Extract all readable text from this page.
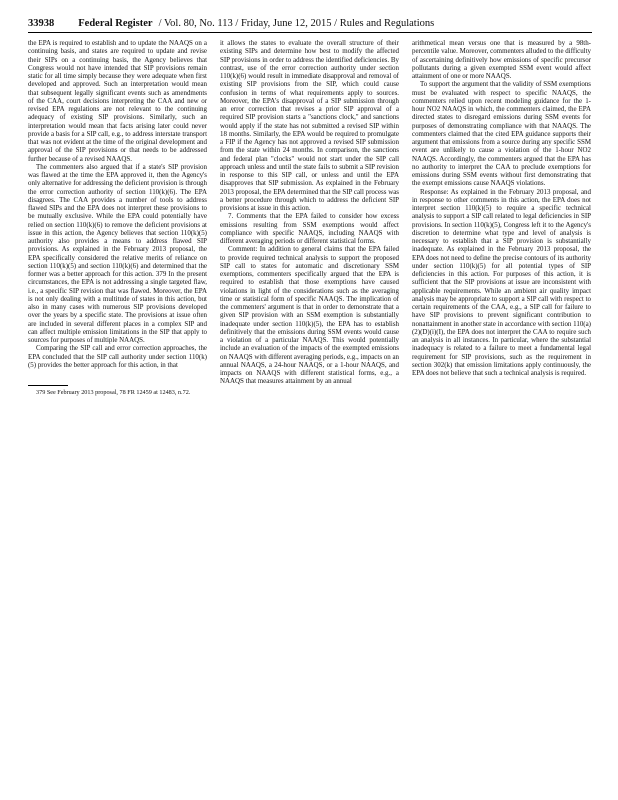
33938 Federal Register / Vol. 80, No. 113 / Friday, June 12, 2015 / Rules and Regulations

the EPA is required to establish and to update the NAAQS on a continuing basis, and states are required to update and revise their SIPs on a continuing basis, the Agency believes that Congress would not have intended that SIP provisions remain static for all time simply because they were adequate when first developed and approved. Such an interpretation would mean that subsequent legally significant events such as amendments of the CAA, court decisions interpreting the CAA and new or revised EPA regulations are not relevant to the continuing adequacy of existing SIP provisions. Similarly, such an interpretation would mean that facts arising later could never provide a basis for a SIP call, e.g., to address interstate transport that was not evident at the time of the original development and approval of the SIP provisions or that needs to be addressed further because of a revised NAAQS.

The commenters also argued that if a state's SIP provision was flawed at the time the EPA approved it, then the Agency's only alternative for addressing the deficient provision is through the error correction authority of section 110(k)(6). The EPA disagrees. The CAA provides a number of tools to address flawed SIPs and the EPA does not interpret these provisions to be mutually exclusive. While the EPA could potentially have relied on section 110(k)(6) to remove the deficient provisions at issue in this action, the Agency believes that section 110(k)(5) authority also provides a means to address flawed SIP provisions. As explained in the February 2013 proposal, the EPA specifically considered the relative merits of reliance on section 110(k)(5) and section 110(k)(6) and determined that the former was a better approach for this action. 379 In the present circumstances, the EPA is not addressing a single targeted flaw, i.e., a specific SIP revision that was flawed. Moreover, the EPA is not only dealing with a multitude of states in this action, but also in many cases with numerous SIP provisions developed over the years by a specific state. The provisions at issue often are included in several different places in a complex SIP and can affect multiple emission limitations in the SIP that apply to sources for purposes of multiple NAAQS.

Comparing the SIP call and error correction approaches, the EPA concluded that the SIP call authority under section 110(k)(5) provides the better approach for this action, in that

379 See February 2013 proposal, 78 FR 12459 at 12483, n.72.

it allows the states to evaluate the overall structure of their existing SIPs and determine how best to modify the affected SIP provisions in order to address the identified deficiencies. By contrast, use of the error correction authority under section 110(k)(6) would result in immediate disapproval and removal of existing SIP provisions from the SIP, which could cause confusion in terms of what requirements apply to sources. Moreover, the EPA's disapproval of a SIP submission through an error correction that revises a prior SIP approval of a required SIP provision starts a "sanctions clock," and sanctions would apply if the state has not submitted a revised SIP within 18 months. Similarly, the EPA would be required to promulgate a FIP if the Agency has not approved a revised SIP submission from the state within 24 months. In comparison, the sanctions and federal plan "clocks" would not start under the SIP call approach unless and until the state fails to submit a SIP revision in response to this SIP call, or unless and until the EPA disapproves that SIP submission. As explained in the February 2013 proposal, the EPA determined that the SIP call process was a better procedure through which to address the deficient SIP provisions at issue in this action.

7. Comments that the EPA failed to consider how excess emissions resulting from SSM exemptions would affect compliance with specific NAAQS, including NAAQS with different averaging periods or different statistical forms.

Comment: In addition to general claims that the EPA failed to provide required technical analysis to support the proposed SIP call to states for automatic and discretionary SSM exemptions, commenters specifically argued that the EPA is required to establish that those exemptions have caused violations in light of the considerations such as the averaging time or statistical form of specific NAAQS. The implication of the commenters' argument is that in order to demonstrate that a given SIP provision with an SSM exemption is substantially inadequate under section 110(k)(5), the EPA has to establish definitively that the emissions during SSM events would cause a violation of a particular NAAQS. This would potentially include an evaluation of the impacts of the exempted emissions on NAAQS with different averaging periods, e.g., impacts on an annual NAAQS, a 24-hour NAAQS, or a 1-hour NAAQS, and impacts on NAAQS with different statistical forms, e.g., a NAAQS that measures attainment by an annual

arithmetical mean versus one that is measured by a 98th-percentile value. Moreover, commenters alluded to the difficulty of ascertaining definitively how emissions of specific precursor pollutants during a given exempted SSM event would affect attainment of one or more NAAQS.

To support the argument that the validity of SSM exemptions must be evaluated with respect to specific NAAQS, the commenters relied upon recent modeling guidance for the 1-hour NO2 NAAQS in which, the commenters claimed, the EPA directed states to disregard emissions during SSM events for purposes of demonstrating compliance with that NAAQS. The commenters claimed that the cited EPA guidance supports their argument that emissions from a source during any specific SSM event are unlikely to cause a violation of the 1-hour NO2 NAAQS. Accordingly, the commenters argued that the EPA has no authority to interpret the CAA to preclude exemptions for emissions during SSM events without first demonstrating that the exempt emissions cause NAAQS violations.

Response: As explained in the February 2013 proposal, and in response to other comments in this action, the EPA does not interpret section 110(k)(5) to require a specific technical analysis to support a SIP call related to legal deficiencies in SIP provisions. In section 110(k)(5), Congress left it to the Agency's discretion to determine what type and level of analysis is necessary to establish that a SIP provision is substantially inadequate. As explained in the February 2013 proposal, the EPA does not need to define the precise contours of its authority under section 110(k)(5) for all potential types of SIP deficiencies in this action. For purposes of this action, it is sufficient that the SIP provisions at issue are inconsistent with applicable requirements. While an ambient air quality impact analysis may be appropriate to support a SIP call with respect to certain requirements of the CAA, e.g., a SIP call for failure to have SIP provisions to prevent significant contribution to nonattainment in another state in accordance with section 110(a)(2)(D)(i)(I), the EPA does not interpret the CAA to require such an analysis in all instances. In particular, where the substantial inadequacy is related to a failure to meet a fundamental legal requirement for SIP provisions, such as the requirement in section 302(k) that emission limitations apply continuously, the EPA does not believe that such a technical analysis is required.
